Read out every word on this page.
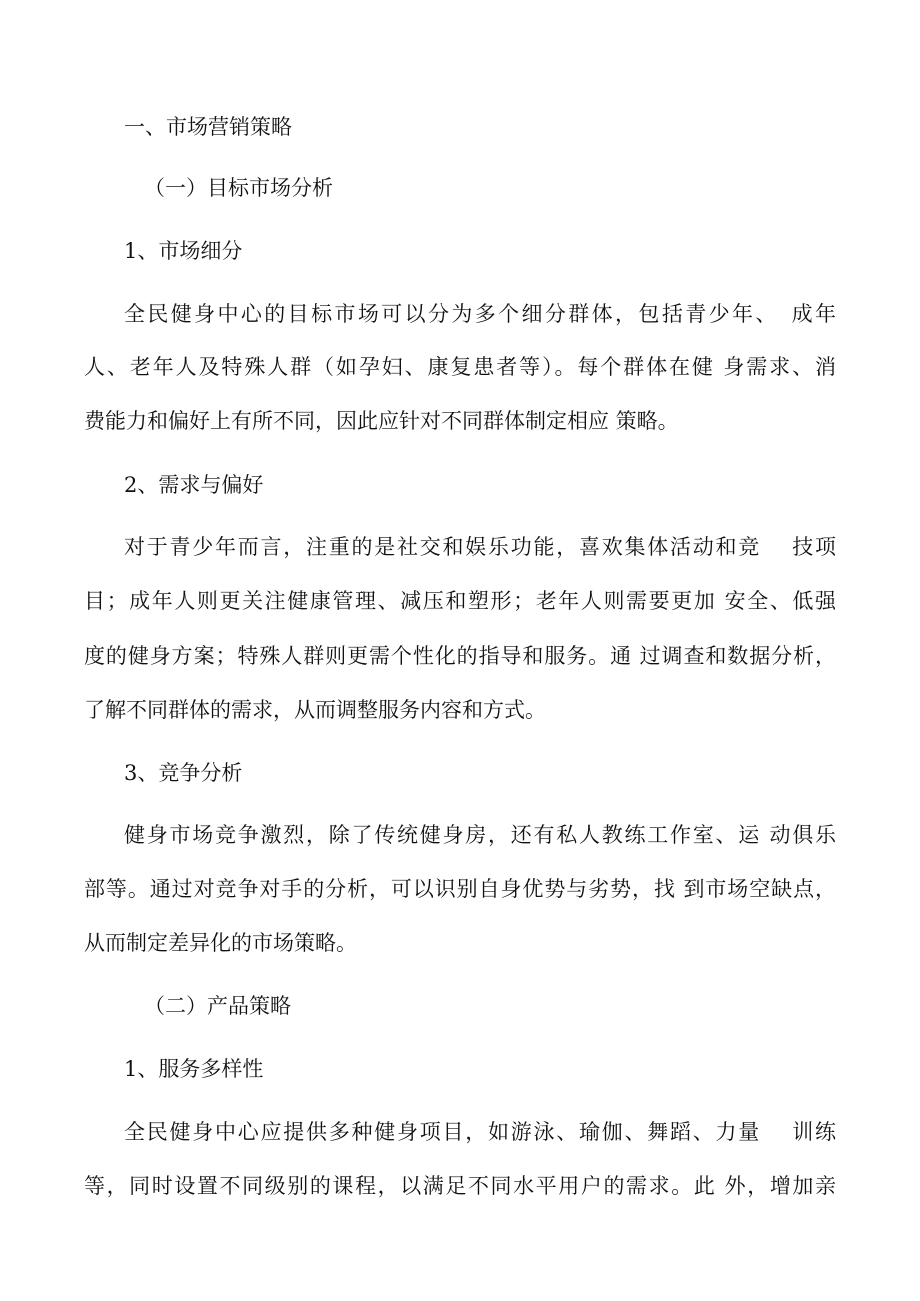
一、市场营销策略
（一）目标市场分析
1、市场细分
全民健身中心的目标市场可以分为多个细分群体，包括青少年、　成年
人、老年人及特殊人群（如孕妇、康复患者等）。每个群体在健 身需求、消
费能力和偏好上有所不同，因此应针对不同群体制定相应 策略。
2、需求与偏好
对于青少年而言，注重的是社交和娱乐功能，喜欢集体活动和竞　 技项
目；成年人则更关注健康管理、减压和塑形；老年人则需要更加 安全、低强
度的健身方案；特殊人群则更需个性化的指导和服务。通 过调查和数据分析，
了解不同群体的需求，从而调整服务内容和方式。
3、竞争分析
健身市场竞争激烈，除了传统健身房，还有私人教练工作室、运 动俱乐
部等。通过对竞争对手的分析，可以识别自身优势与劣势，找 到市场空缺点，
从而制定差异化的市场策略。
（二）产品策略
1、服务多样性
全民健身中心应提供多种健身项目，如游泳、瑜伽、舞蹈、力量　 训练
等，同时设置不同级别的课程，以满足不同水平用户的需求。此 外，增加亲
